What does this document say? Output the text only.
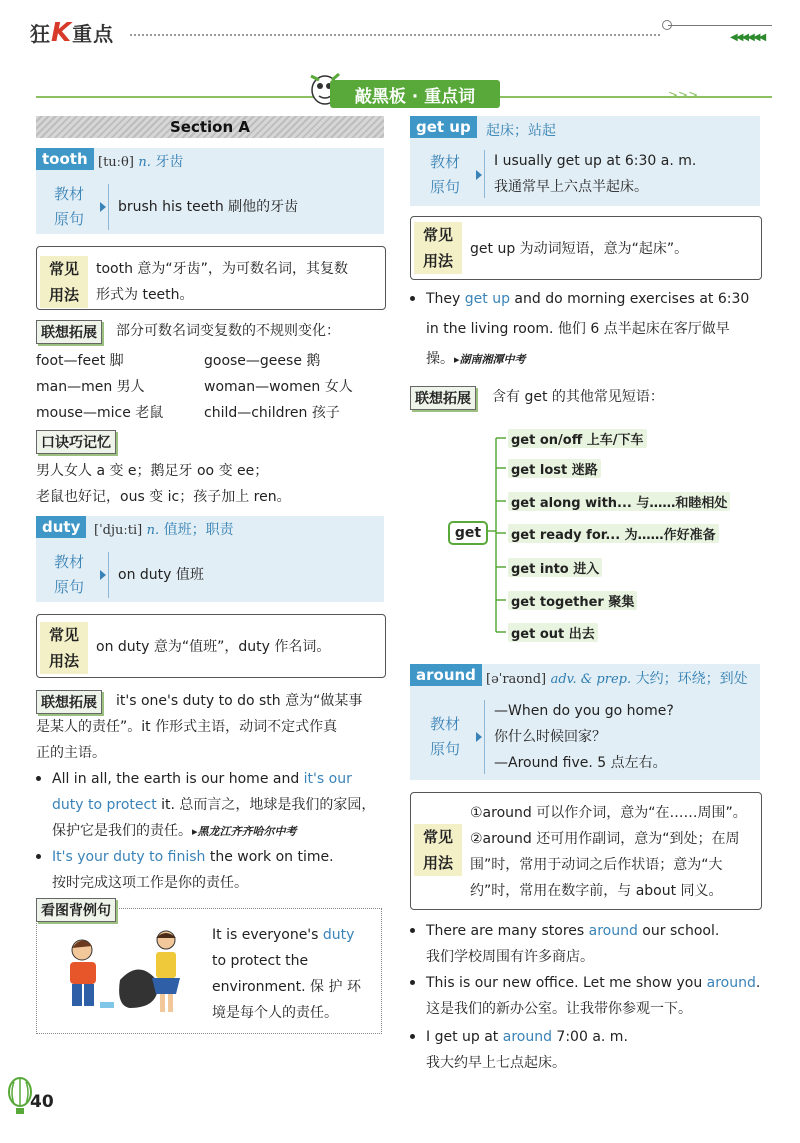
狂K重点	◀◀◀◀◀◀
>>>
敲黑板 · 重点词
Section A
tooth [tuːθ] n. 牙齿
教材
原句
brush his teeth 刷他的牙齿
常见
用法
tooth 意为“牙齿”，为可数名词，其复数
形式为 teeth。
联想拓展	部分可数名词变复数的不规则变化：
foot—feet 脚	goose—geese 鹅
man—men 男人	woman—women 女人
mouse—mice 老鼠	child—children 孩子
口诀巧记忆
男人女人 a 变 e；鹅足牙 oo 变 ee；
老鼠也好记，ous 变 ic；孩子加上 ren。
duty	[ˈdjuːti] n. 值班；职责
教材
原句
on duty 值班
常见
用法
on duty 意为“值班”，duty 作名词。
联想拓展	it's one's duty to do sth 意为“做某事
是某人的责任”。it 作形式主语，动词不定式作真
正的主语。
All in all, the earth is our home and it's our
duty to protect it. 总而言之，地球是我们的家园，
保护它是我们的责任。▸黑龙江齐齐哈尔中考
It's your duty to finish the work on time.
按时完成这项工作是你的责任。
看图背例句
It is everyone's duty
to protect the
environment. 保 护 环
境是每个人的责任。
get up	起床；站起
教材
原句
I usually get up at 6:30 a. m.
我通常早上六点半起床。
常见
用法
get up 为动词短语，意为“起床”。
They get up and do morning exercises at 6:30
in the living room. 他们 6 点半起床在客厅做早
操。▸湖南湘潭中考
联想拓展	含有 get 的其他常见短语：
get
get on/off 上车/下车
get lost 迷路
get along with... 与……和睦相处
get ready for... 为……作好准备
get into 进入
get together 聚集
get out 出去
around [əˈraʊnd] adv. & prep. 大约；环绕；到处
教材
原句
—When do you go home?
你什么时候回家？
—Around five. 5 点左右。
常见
用法
①around 可以作介词，意为“在……周围”。
②around 还可用作副词，意为“到处；在周
围”时，常用于动词之后作状语；意为“大
约”时，常用在数字前，与 about 同义。
There are many stores around our school.
我们学校周围有许多商店。
This is our new office. Let me show you around.
这是我们的新办公室。让我带你参观一下。
I get up at around 7:00 a. m.
我大约早上七点起床。
40
